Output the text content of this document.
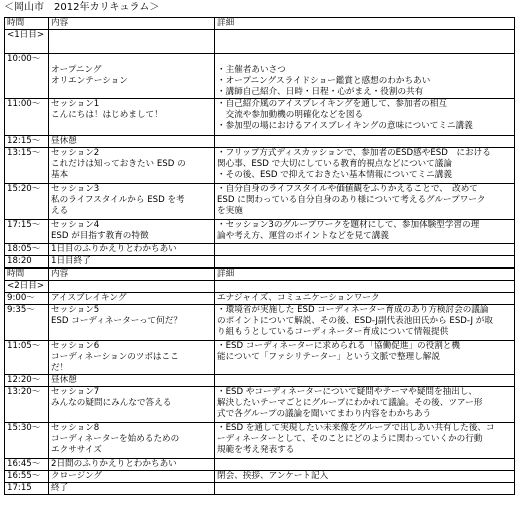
＜岡山市　2012年カリキュラム＞
時間	内容	詳細
<1日目>		
10:00〜	オープニング
オリエンテーション	・主催者あいさつ
・オープニングスライドショー鑑賞と感想のわかちあい
・講師自己紹介、日時・日程・心がまえ・役割の共有

11:00〜	セッション1
こんにちは！はじめまして！	・自己紹介風のアイスブレイキングを通して、参加者の相互
　交流や参加動機の明確化などを図る
・参加型の場におけるアイスブレイキングの意味についてミニ講義

12:15〜	昼休憩	

13:15〜	セッション2
これだけは知っておきたい ESD の
基本	・フリップ方式ディスカッションで、参加者のESD感やESD　における
関心事、ESD で大切にしている教育的視点などについて議論
・その後、ESD で抑えておきたい基本情報についてミニ講義

15:20〜	セッション3
私のライフスタイルから ESD を考
える	・自分自身のライフスタイルや価値観をふりかえることで、　改めて
ESD に関わっている自分自身のあり様について考えるグループワーク
を実施

17:15〜	セッション4
ESD が目指す教育の特徴	・セッション3のグループワークを題材にして、参加体験型学習の理
論や考え方、運営のポイントなどを見て講義

18:05〜	1日目のふりかえりとわかちあい	

18:20	1日目終了	

時間	内容	詳細
<2日目>		
9:00〜	アイスブレイキング	エナジャイズ、コミュニケーションワーク

9:35〜	セッション5
ESD コーディネーターって何だ？	・環境省が実施した ESD コーディネーター育成のあり方検討会の議論
のポイントについて解説、その後、ESD-J副代表池田氏から ESD-J が取
り組もうとしているコーディネーター育成について情報提供

11:05〜	セッション6
コーディネーションのツボはここ
だ！	・ESD コーディネーターに求められる「協働促進」の役割と機
能について「ファシリテーター」という文脈で整理し解説

12:20〜	昼休憩	

13:20〜	セッション7
みんなの疑問にみんなで答える	・ESD やコーディネーターについて疑問やテーマや疑問を抽出し、
解決したいテーマごとにグループにわかれて議論。その後、ツアー形
式で各グループの議論を聞いてまわり内容をわかちあう

15:30〜	セッション8
コーディネーターを始めるための
エクササイズ	・ESD を通して実現したい未来像をグループで出しあい共有した後、コ
ーディネーターとして、そのことにどのように関わっていくかの行動
規範を考え発表する

16:45〜	2日間のふりかえりとわかちあい	

16:55〜	クロージング	閉会、挨拶、アンケート記入

17:15	終了	
